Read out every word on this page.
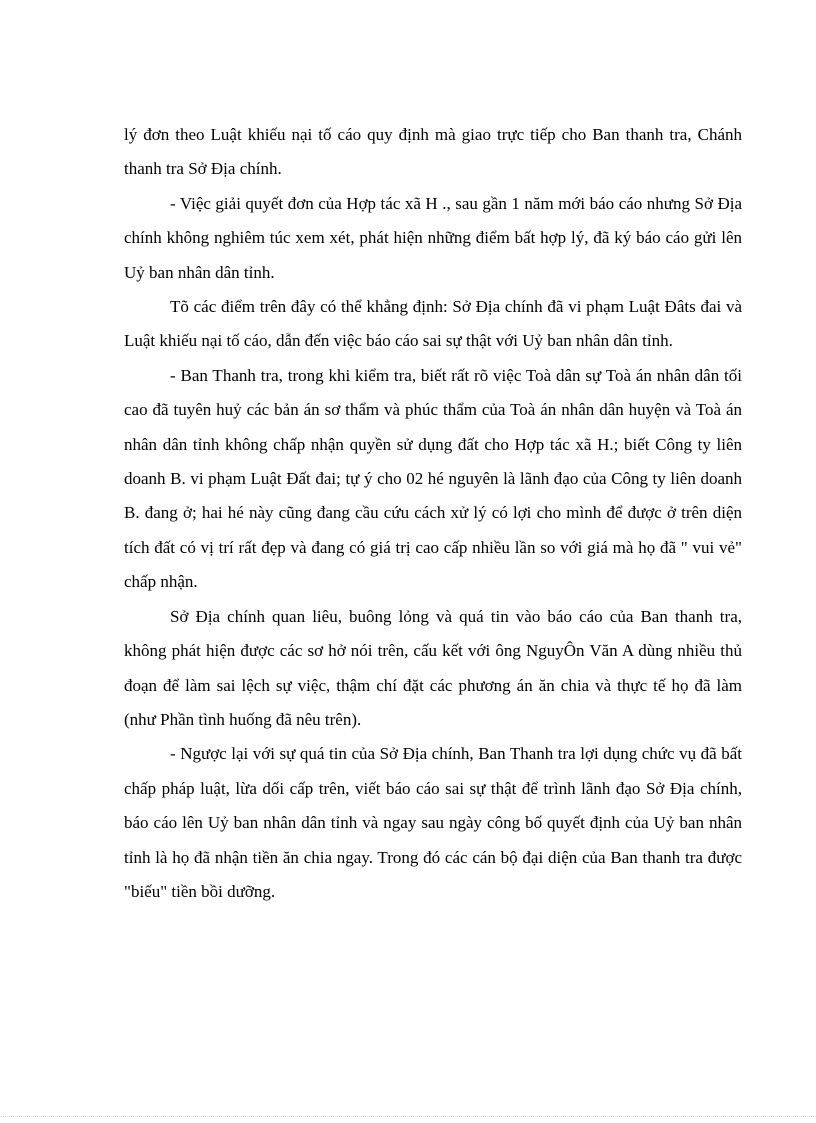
lý đơn theo Luật khiếu nại tố cáo quy định mà giao trực tiếp cho Ban thanh tra, Chánh thanh tra Sở Địa chính.

- Việc giải quyết đơn của Hợp tác xã H ., sau gần 1 năm mới báo cáo nhưng Sở Địa chính không nghiêm túc xem xét, phát hiện những điểm bất hợp lý, đã ký báo cáo gửi lên Uỷ ban nhân dân tỉnh.

Tõ các điểm trên đây có thể khẳng định: Sở Địa chính đã vi phạm Luật Đâts đai và Luật khiếu nại tố cáo, dẫn đến việc báo cáo sai sự thật với Uỷ ban nhân dân tỉnh.

- Ban Thanh tra, trong khi kiểm tra, biết rất rõ việc Toà dân sự Toà án nhân dân tối cao đã tuyên huỷ các bản án sơ thẩm và phúc thẩm của Toà án nhân dân huyện và Toà án nhân dân tỉnh không chấp nhận quyền sử dụng đất cho Hợp tác xã H.; biết Công ty liên doanh B. vi phạm Luật Đất đai; tự ý cho 02 hé nguyên là lãnh đạo của Công ty liên doanh B. đang ở; hai hé này cũng đang cầu cứu cách xử lý có lợi cho mình để được ở trên diện tích đất có vị trí rất đẹp và đang có giá trị cao cấp nhiều lần so với giá mà họ đã " vui vẻ" chấp nhận.

Sở Địa chính quan liêu, buông lỏng và quá tin vào báo cáo của Ban thanh tra, không phát hiện được các sơ hở nói trên, cấu kết với ông NguyÔn Văn A dùng nhiều thủ đoạn để làm sai lệch sự việc, thậm chí đặt các phương án ăn chia và thực tế họ đã làm (như Phần tình huống đã nêu trên).

- Ngược lại với sự quá tin của Sở Địa chính, Ban Thanh tra lợi dụng chức vụ đã bất chấp pháp luật, lừa dối cấp trên, viết báo cáo sai sự thật để trình lãnh đạo Sở Địa chính, báo cáo lên Uỷ ban nhân dân tỉnh và ngay sau ngày công bố quyết định của Uỷ ban nhân tỉnh là họ đã nhận tiền ăn chia ngay. Trong đó các cán bộ đại diện của Ban thanh tra được "biếu" tiền bồi dưỡng.
